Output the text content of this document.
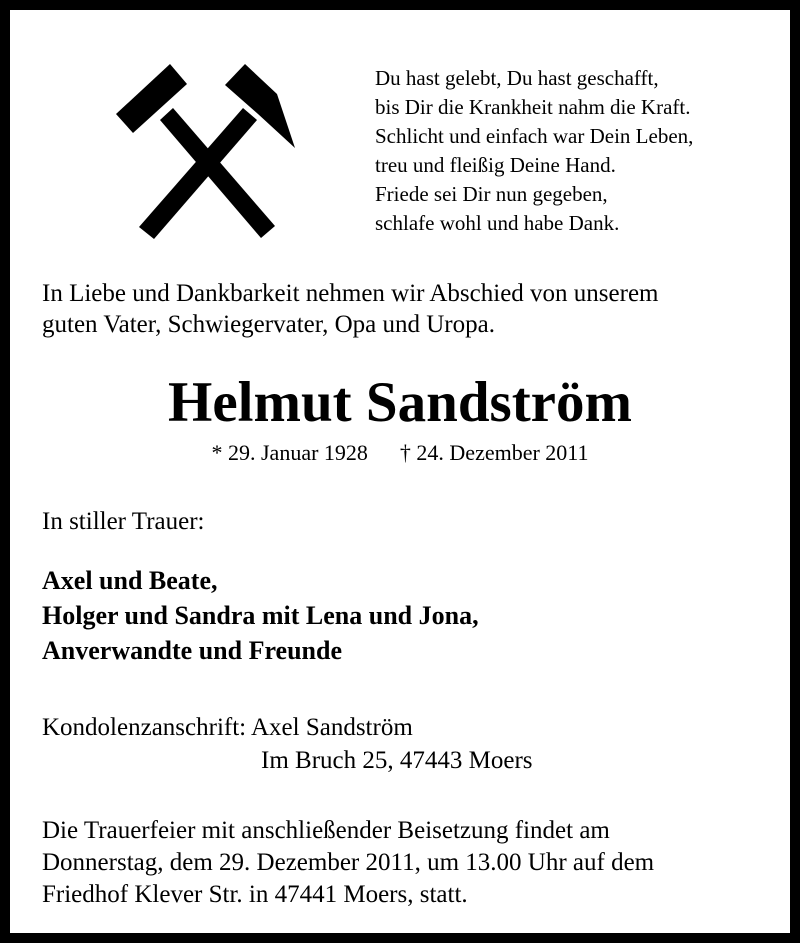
Du hast gelebt, Du hast geschafft,
bis Dir die Krankheit nahm die Kraft.
Schlicht und einfach war Dein Leben,
treu und fleißig Deine Hand.
Friede sei Dir nun gegeben,
schlafe wohl und habe Dank.

In Liebe und Dankbarkeit nehmen wir Abschied von unserem
guten Vater, Schwiegervater, Opa und Uropa.

Helmut Sandström
* 29. Januar 1928 † 24. Dezember 2011

In stiller Trauer:

Axel und Beate,
Holger und Sandra mit Lena und Jona,
Anverwandte und Freunde

Kondolenzanschrift: Axel Sandström
Im Bruch 25, 47443 Moers

Die Trauerfeier mit anschließender Beisetzung findet am
Donnerstag, dem 29. Dezember 2011, um 13.00 Uhr auf dem
Friedhof Klever Str. in 47441 Moers, statt.
